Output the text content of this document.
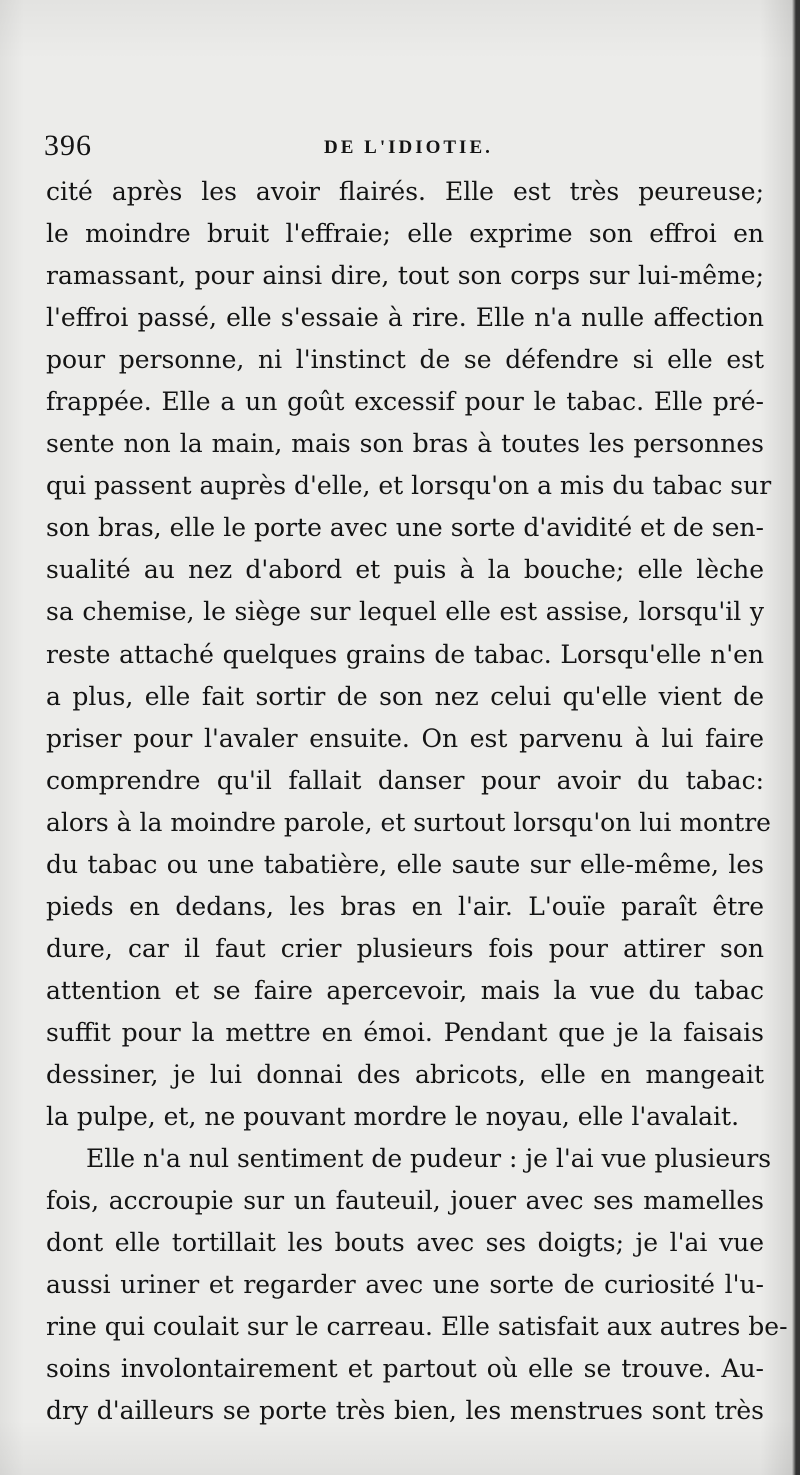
396	DE L'IDIOTIE.
cité après les avoir flairés. Elle est très peureuse;
le moindre bruit l'effraie; elle exprime son effroi en
ramassant, pour ainsi dire, tout son corps sur lui-même;
l'effroi passé, elle s'essaie à rire. Elle n'a nulle affection
pour personne, ni l'instinct de se défendre si elle est
frappée. Elle a un goût excessif pour le tabac. Elle pré-
sente non la main, mais son bras à toutes les personnes
qui passent auprès d'elle, et lorsqu'on a mis du tabac sur
son bras, elle le porte avec une sorte d'avidité et de sen-
sualité au nez d'abord et puis à la bouche; elle lèche
sa chemise, le siège sur lequel elle est assise, lorsqu'il y
reste attaché quelques grains de tabac. Lorsqu'elle n'en
a plus, elle fait sortir de son nez celui qu'elle vient de
priser pour l'avaler ensuite. On est parvenu à lui faire
comprendre qu'il fallait danser pour avoir du tabac:
alors à la moindre parole, et surtout lorsqu'on lui montre
du tabac ou une tabatière, elle saute sur elle-même, les
pieds en dedans, les bras en l'air. L'ouïe paraît être
dure, car il faut crier plusieurs fois pour attirer son
attention et se faire apercevoir, mais la vue du tabac
suffit pour la mettre en émoi. Pendant que je la faisais
dessiner, je lui donnai des abricots, elle en mangeait
la pulpe, et, ne pouvant mordre le noyau, elle l'avalait.
Elle n'a nul sentiment de pudeur : je l'ai vue plusieurs
fois, accroupie sur un fauteuil, jouer avec ses mamelles
dont elle tortillait les bouts avec ses doigts; je l'ai vue
aussi uriner et regarder avec une sorte de curiosité l'u-
rine qui coulait sur le carreau. Elle satisfait aux autres be-
soins involontairement et partout où elle se trouve. Au-
dry d'ailleurs se porte très bien, les menstrues sont très
